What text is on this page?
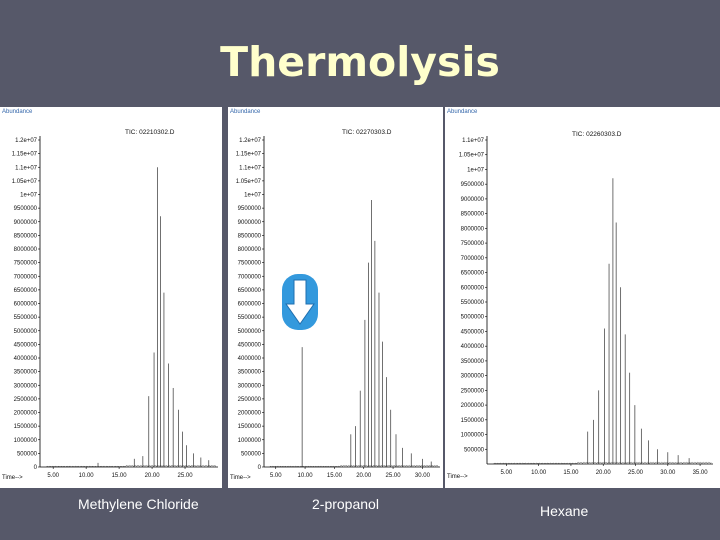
Thermolysis
Abundance
TIC: 02210302.D
1.2e+07
1.15e+07
1.1e+07
1.05e+07
1e+07
9500000
9000000
8500000
8000000
7500000
7000000
6500000
6000000
5500000
5000000
4500000
4000000
3500000
3000000
2500000
2000000
1500000
1000000
500000
0
5.00	10.00	15.00	20.00	25.00
Time-->
Abundance
TIC: 02270303.D
1.2e+07
1.15e+07
1.1e+07
1.05e+07
1e+07
9500000
9000000
8500000
8000000
7500000
7000000
6500000
6000000
5500000
5000000
4500000
4000000
3500000
3000000
2500000
2000000
1500000
1000000
500000
0
5.00	10.00 15.00 20.00 25.00 30.00
Time-->
Abundance
TIC: 02260303.D
1.1e+07
1.05e+07
1e+07
9500000
9000000
8500000
8000000
7500000
7000000
6500000
6000000
5500000
5000000
4500000
4000000
3500000
3000000
2500000
2000000
1500000
1000000
500000
5.00	10.00	15.00	20.00	25.00	30.00	35.00
Time-->
Methylene Chloride	2-propanol	Hexane
